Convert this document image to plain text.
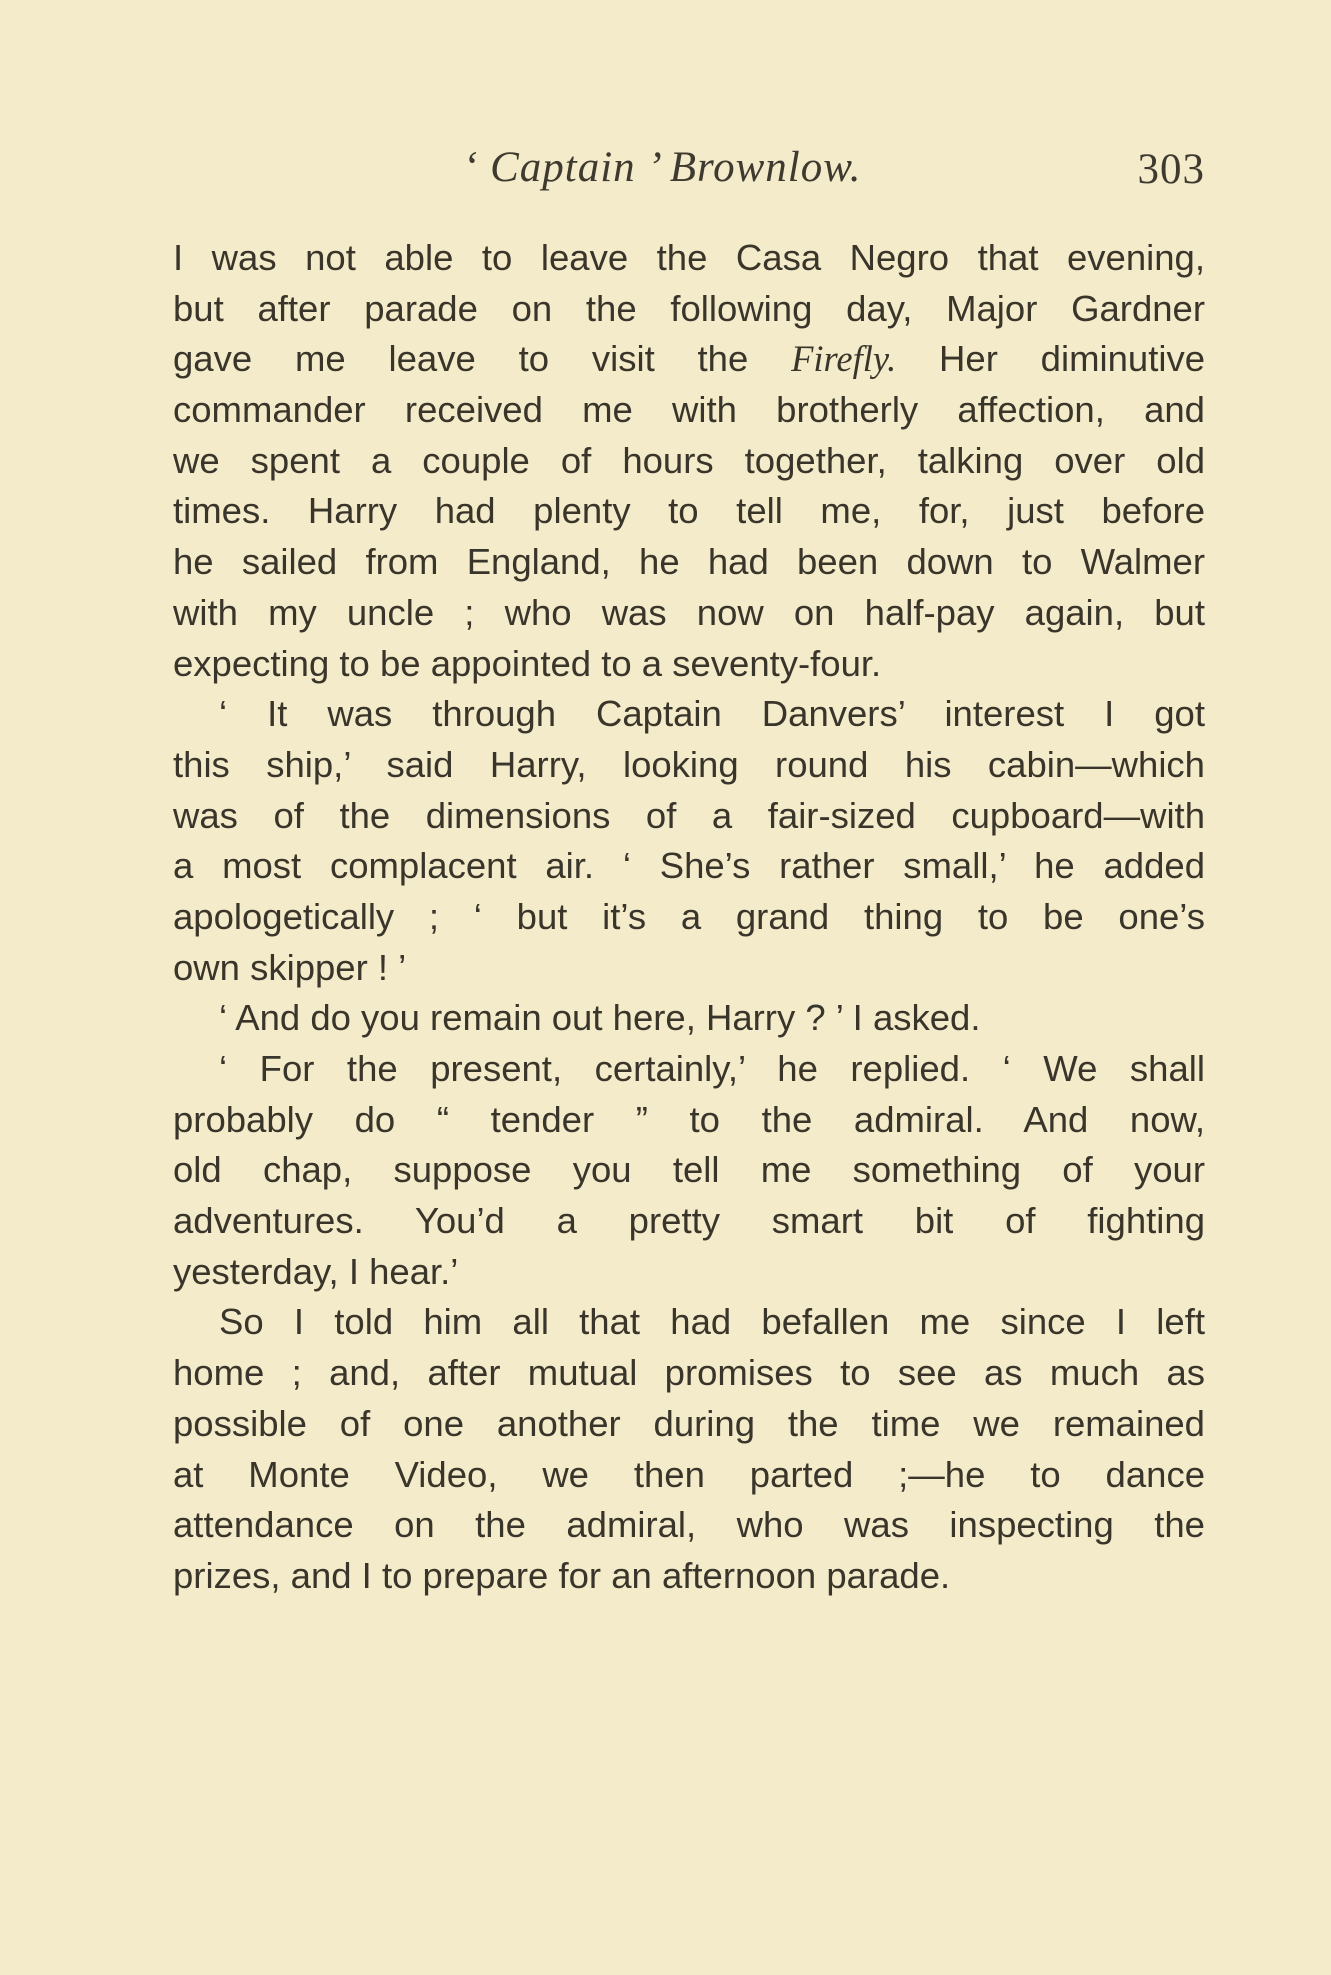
‘ Captain ’ Brownlow.	303
I was not able to leave the Casa Negro that evening,
but after parade on the following day, Major Gardner
gave me leave to visit the Firefly. Her diminutive
commander received me with brotherly affection, and
we spent a couple of hours together, talking over old
times. Harry had plenty to tell me, for, just before
he sailed from England, he had been down to Walmer
with my uncle ; who was now on half-pay again, but
expecting to be appointed to a seventy-four.
‘ It was through Captain Danvers’ interest I got
this ship,’ said Harry, looking round his cabin—which
was of the dimensions of a fair-sized cupboard—with
a most complacent air. ‘ She’s rather small,’ he added
apologetically ; ‘ but it’s a grand thing to be one’s
own skipper ! ’
‘ And do you remain out here, Harry ? ’ I asked.
‘ For the present, certainly,’ he replied. ‘ We shall
probably do “ tender ” to the admiral. And now,
old chap, suppose you tell me something of your
adventures. You’d a pretty smart bit of fighting
yesterday, I hear.’
So I told him all that had befallen me since I left
home ; and, after mutual promises to see as much as
possible of one another during the time we remained
at Monte Video, we then parted ;—he to dance
attendance on the admiral, who was inspecting the
prizes, and I to prepare for an afternoon parade.
